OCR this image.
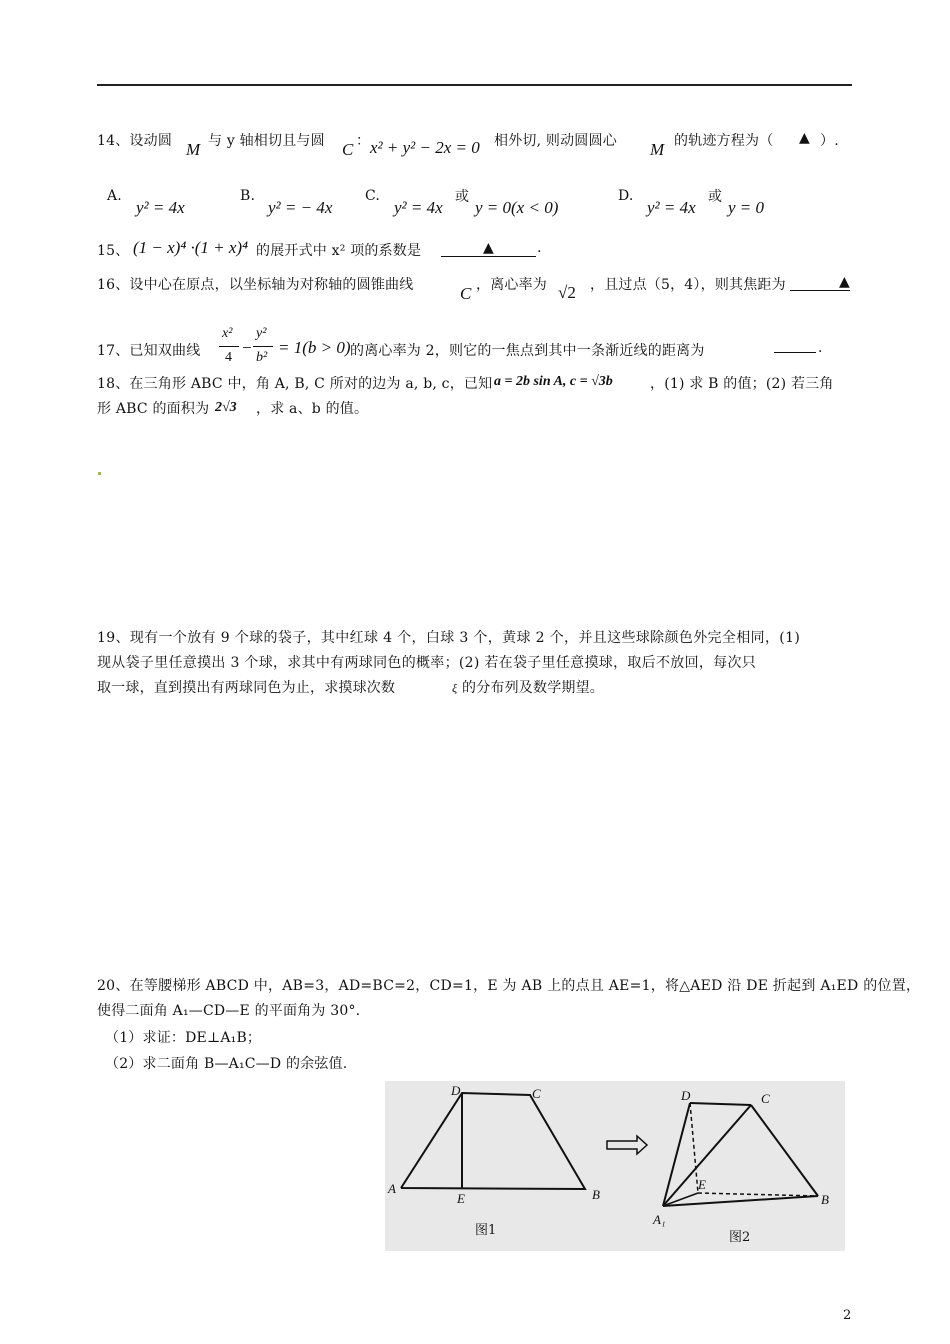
14、设动圆 M 与 y 轴相切且与圆 C ： x² + y² − 2x = 0 相外切, 则动圆圆心 M 的轨迹方程为（ ▲ ）.
A.
y² = 4x
B.
y² = − 4x
C.
y² = 4x
或
y = 0(x < 0)
D.
y² = 4x
或
y = 0
15、 (1 − x)⁴ ·(1 + x)⁴ 的展开式中 x² 项的系数是	▲	.
16、设中心在原点，以坐标轴为对称轴的圆锥曲线	C ，离心率为 √2 ，且过点（5，4），则其焦距为	▲
17、已知双曲线
x²
4
−
y²
b²
= 1(b > 0) 的离心率为 2，则它的一焦点到其中一条渐近线的距离为	.
18、在三角形 ABC 中，角 A, B, C 所对的边为 a, b, c，已知 a = 2b sin A, c = √3b	，(1) 求 B 的值；(2) 若三角
形 ABC 的面积为 2√3 ，求 a、b 的值。
19、现有一个放有 9 个球的袋子，其中红球 4 个，白球 3 个，黄球 2 个，并且这些球除颜色外完全相同，(1)
现从袋子里任意摸出 3 个球，求其中有两球同色的概率；(2) 若在袋子里任意摸球，取后不放回，每次只
取一球，直到摸出有两球同色为止，求摸球次数	ξ 的分布列及数学期望。
20、在等腰梯形 ABCD 中，AB=3，AD=BC=2，CD=1，E 为 AB 上的点且 AE=1，将△AED 沿 DE 折起到 A₁ED 的位置，
使得二面角 A₁—CD—E 的平面角为 30°.
（1）求证：DE⊥A₁B；
（2）求二面角 B—A₁C—D 的余弦值.
A
D	C
E	B
图1
D	C
E
B
A₁
图2
2
